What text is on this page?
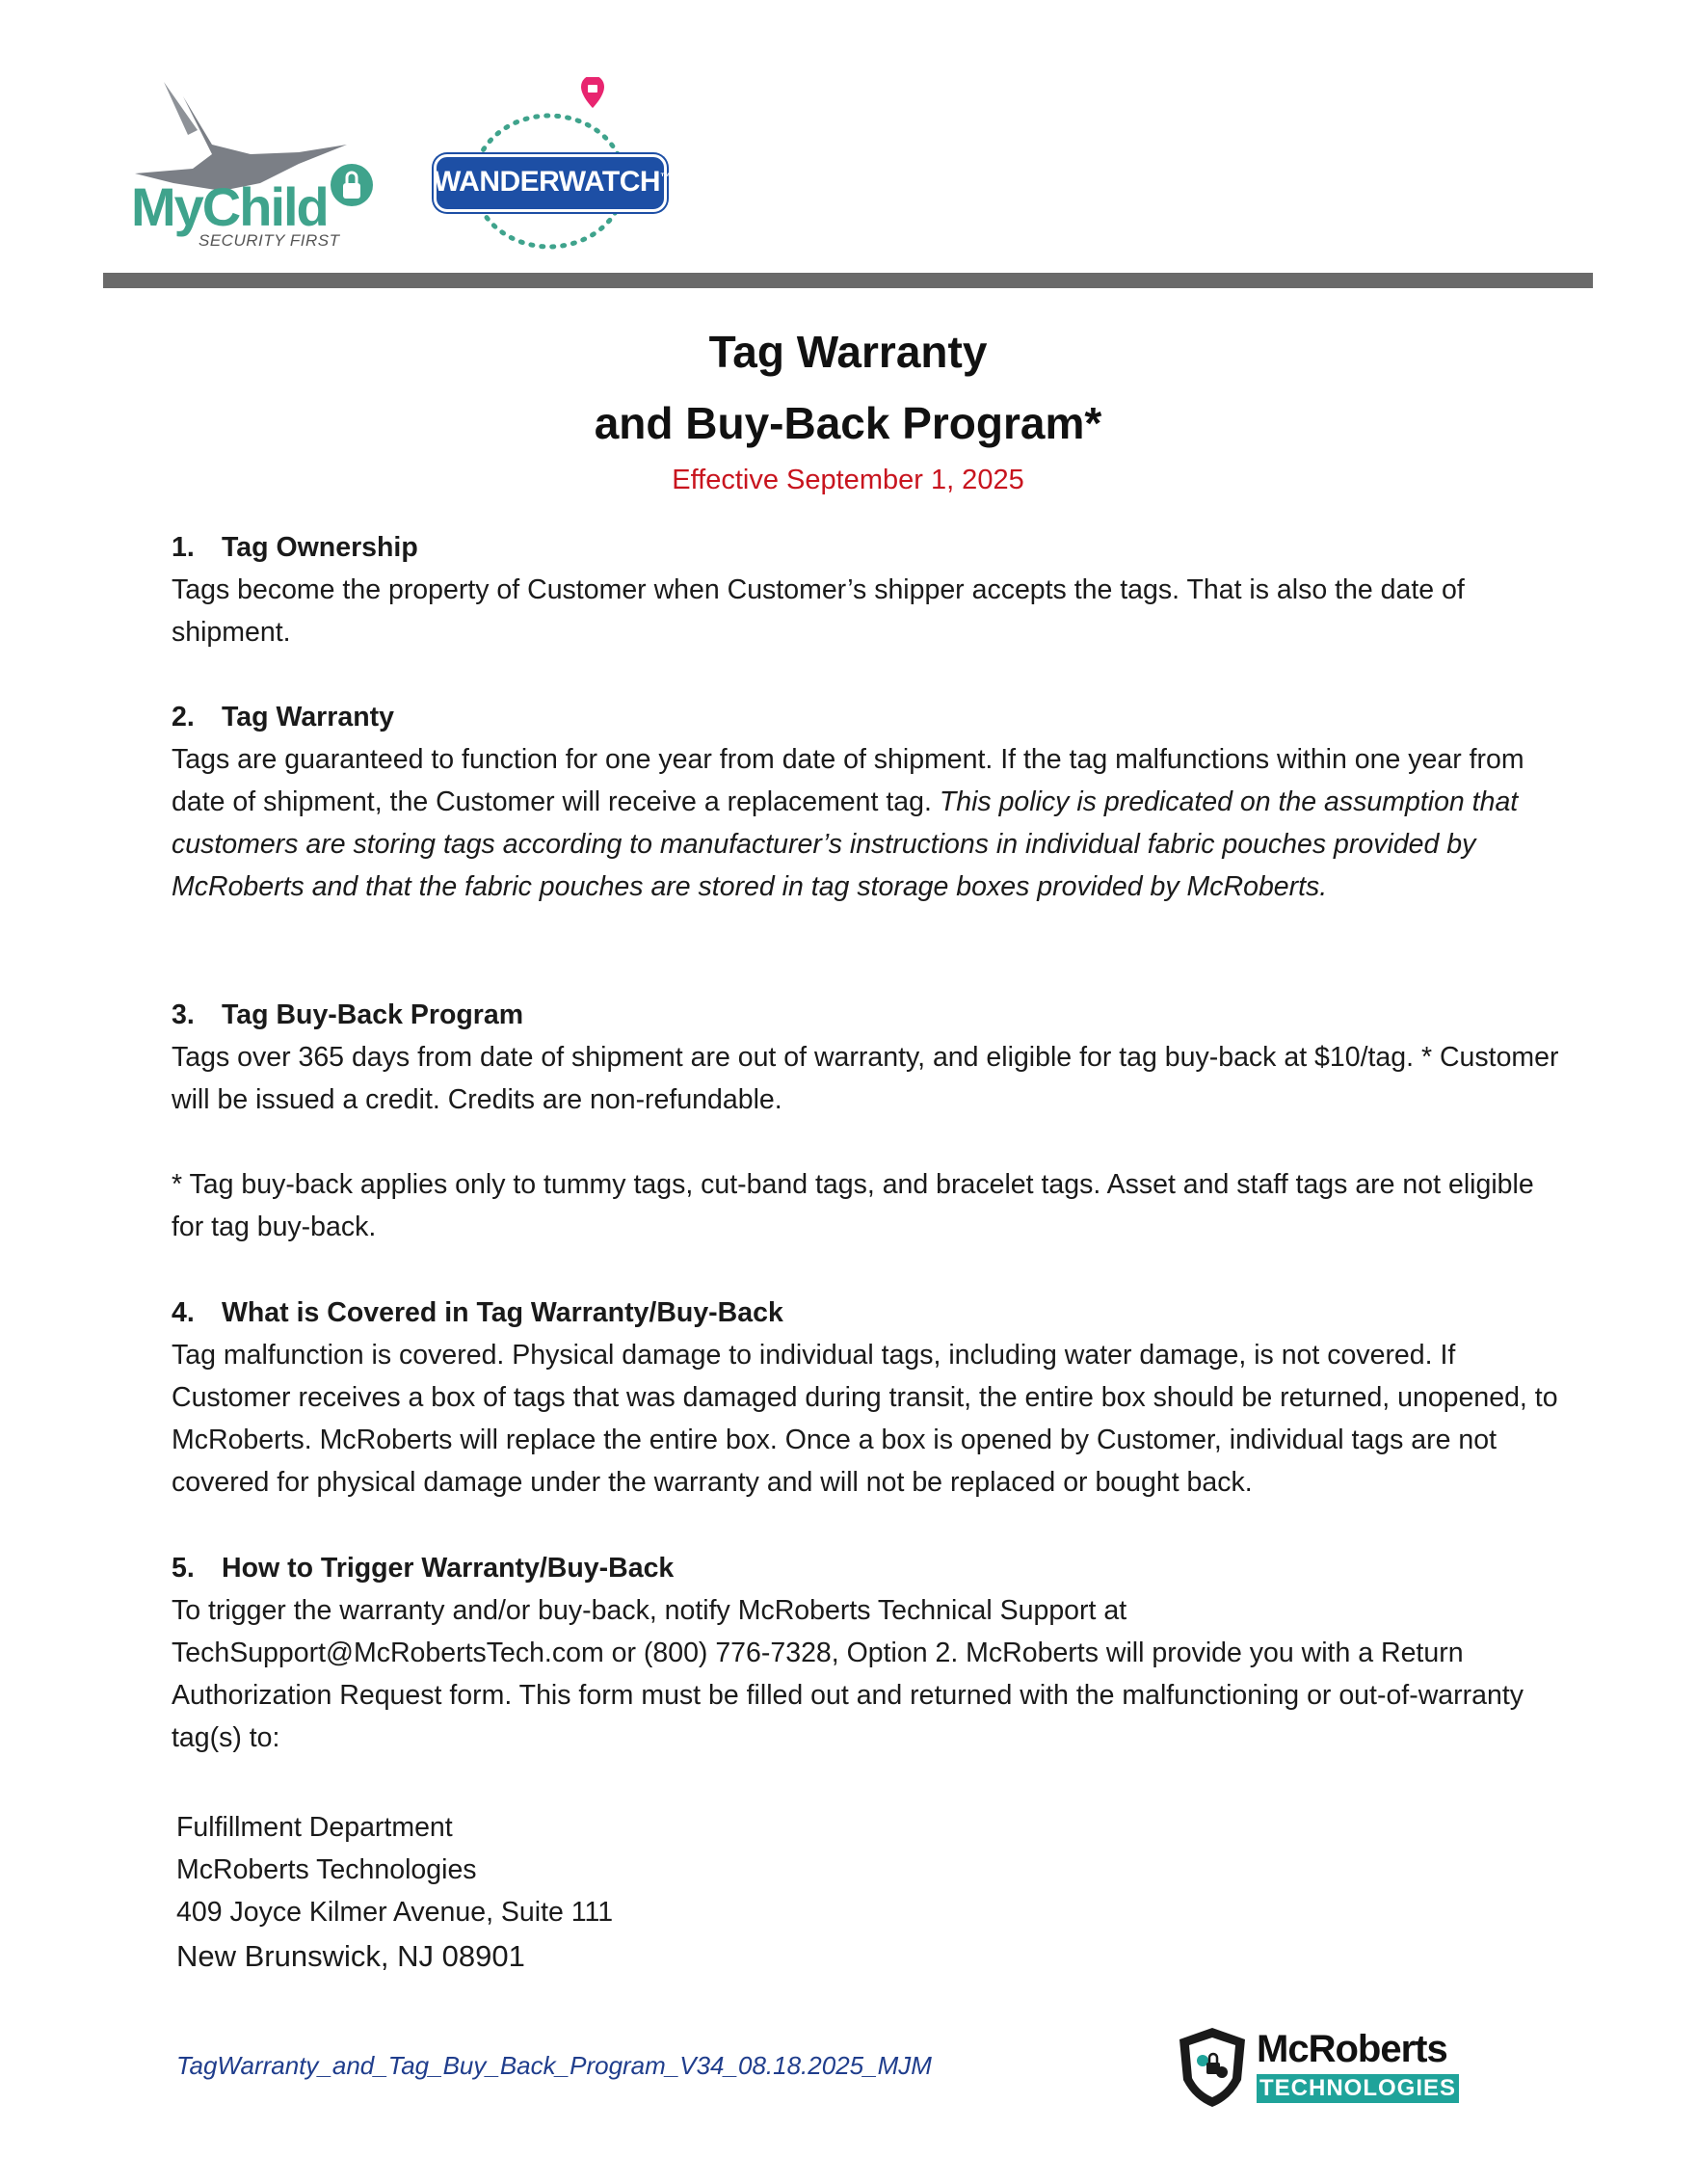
MyChild
SECURITY FIRST
WANDERWATCH™
Tag Warranty
and Buy-Back Program*
Effective September 1, 2025
1. Tag Ownership

Tags become the property of Customer when Customer’s shipper accepts the tags. That is also the date of shipment.

2. Tag Warranty

Tags are guaranteed to function for one year from date of shipment. If the tag malfunctions within one year from date of shipment, the Customer will receive a replacement tag. This policy is predicated on the assumption that customers are storing tags according to manufacturer’s instructions in individual fabric pouches provided by McRoberts and that the fabric pouches are stored in tag storage boxes provided by McRoberts.

3. Tag Buy-Back Program

Tags over 365 days from date of shipment are out of warranty, and eligible for tag buy-back at $10/tag. * Customer will be issued a credit. Credits are non-refundable.

* Tag buy-back applies only to tummy tags, cut-band tags, and bracelet tags. Asset and staff tags are not eligible for tag buy-back.

4. What is Covered in Tag Warranty/Buy-Back

Tag malfunction is covered. Physical damage to individual tags, including water damage, is not covered. If Customer receives a box of tags that was damaged during transit, the entire box should be returned, unopened, to McRoberts. McRoberts will replace the entire box. Once a box is opened by Customer, individual tags are not covered for physical damage under the warranty and will not be replaced or bought back.

5. How to Trigger Warranty/Buy-Back

To trigger the warranty and/or buy-back, notify McRoberts Technical Support at TechSupport@McRobertsTech.com or (800) 776-7328, Option 2. McRoberts will provide you with a Return Authorization Request form. This form must be filled out and returned with the malfunctioning or out-of-warranty tag(s) to:

Fulfillment Department
McRoberts Technologies
409 Joyce Kilmer Avenue, Suite 111
New Brunswick, NJ 08901
TagWarranty_and_Tag_Buy_Back_Program_V34_08.18.2025_MJM	McRoberts
TECHNOLOGIES
